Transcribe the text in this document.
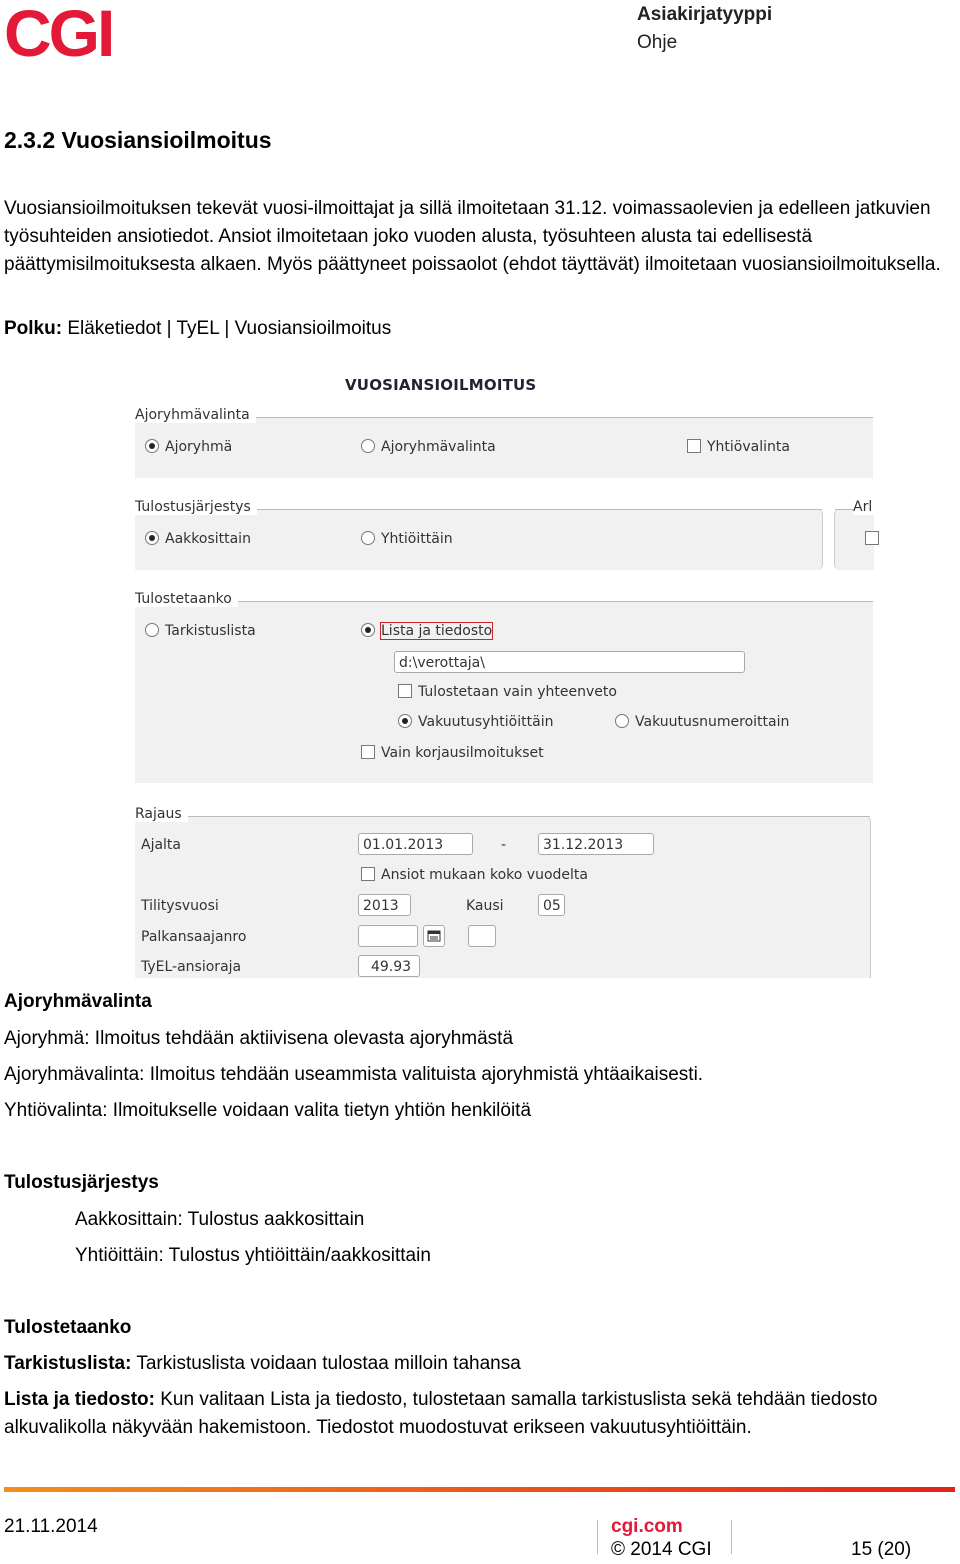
CGI	Asiakirjatyyppi
Ohje
2.3.2 Vuosiansioilmoitus
Vuosiansioilmoituksen tekevät vuosi-ilmoittajat ja sillä ilmoitetaan 31.12. voimassaolevien ja edelleen jatkuvien työsuhteiden ansiotiedot. Ansiot ilmoitetaan joko vuoden alusta, työsuhteen alusta tai edellisestä päättymisilmoituksesta alkaen. Myös päättyneet poissaolot (ehdot täyttävät) ilmoitetaan vuosiansioilmoituksella.
Polku: Eläketiedot | TyEL | Vuosiansioilmoitus
VUOSIANSIOILMOITUS
Ajoryhmävalinta
Ajoryhmä	Ajoryhmävalinta	Yhtiövalinta
Tulostusjärjestys
Aakkosittain	Yhtiöittäin
Arl
Tulostetaanko
Tarkistuslista	Lista ja tiedosto
d:\verottaja\
Tulostetaan vain yhteenveto
Vakuutusyhtiöittäin	Vakuutusnumeroittain
Vain korjausilmoitukset
Rajaus
Ajalta	01.01.2013	-	31.12.2013
Ansiot mukaan koko vuodelta
Tilitysvuosi	2013	Kausi	05
Palkansaajanro
TyEL-ansioraja	49.93
Ajoryhmävalinta
Ajoryhmä: Ilmoitus tehdään aktiivisena olevasta ajoryhmästä
Ajoryhmävalinta: Ilmoitus tehdään useammista valituista ajoryhmistä yhtäaikaisesti.
Yhtiövalinta: Ilmoitukselle voidaan valita tietyn yhtiön henkilöitä
Tulostusjärjestys
Aakkosittain: Tulostus aakkosittain
Yhtiöittäin: Tulostus yhtiöittäin/aakkosittain
Tulostetaanko
Tarkistuslista: Tarkistuslista voidaan tulostaa milloin tahansa
Lista ja tiedosto: Kun valitaan Lista ja tiedosto, tulostetaan samalla tarkistuslista sekä tehdään tiedosto alkuvalikolla näkyvään hakemistoon. Tiedostot muodostuvat erikseen vakuutusyhtiöittäin.
21.11.2014	cgi.com
© 2014 CGI	15 (20)
